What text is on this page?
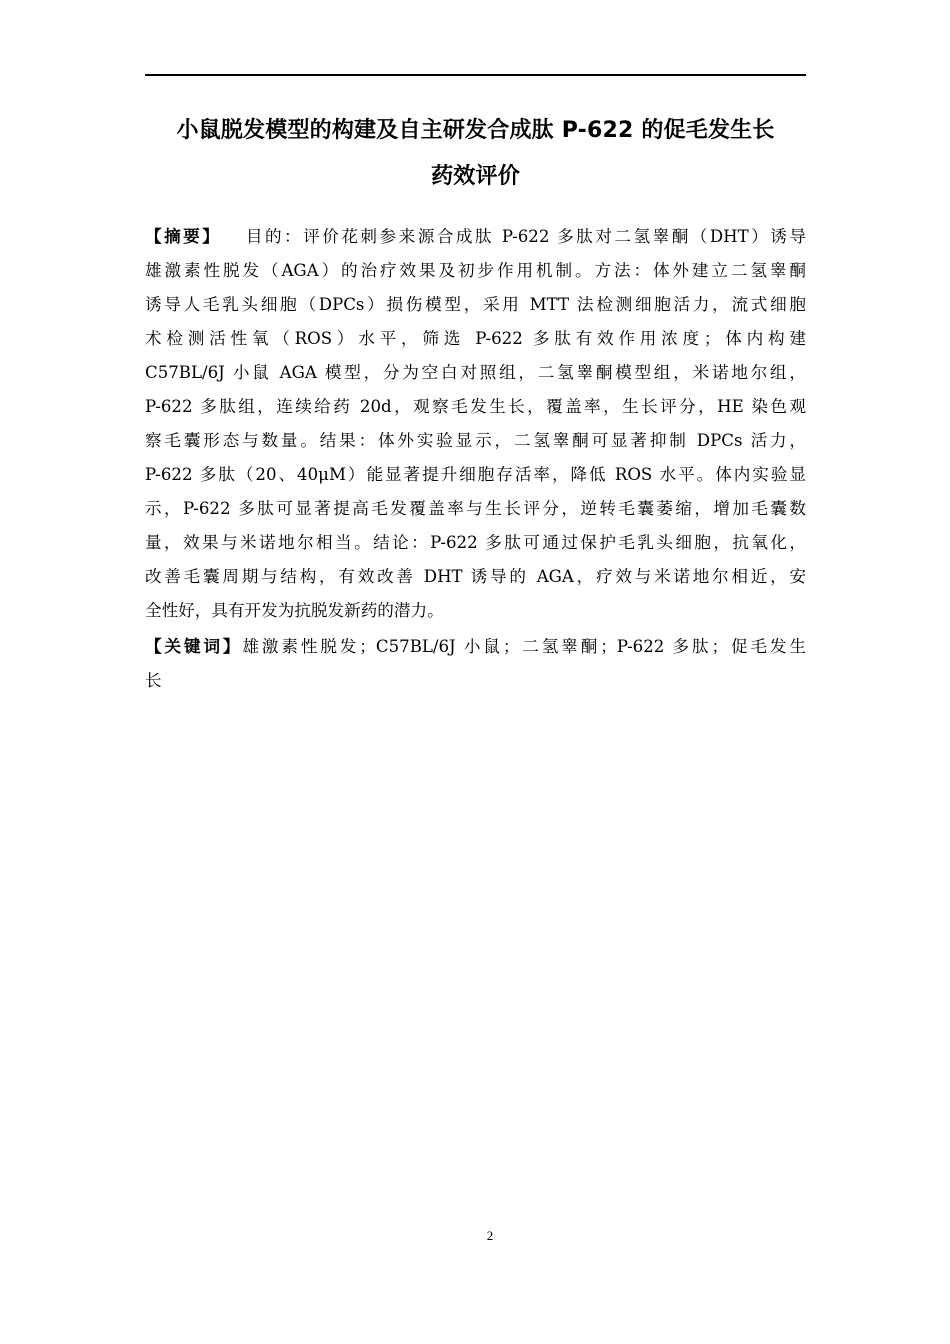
小鼠脱发模型的构建及自主研发合成肽 P-622 的促毛发生长
药效评价
【摘要】 目的：评价花刺参来源合成肽 P-622 多肽对二氢睾酮（DHT）诱导
雄激素性脱发（AGA）的治疗效果及初步作用机制。方法：体外建立二氢睾酮
诱导人毛乳头细胞（DPCs）损伤模型，采用 MTT 法检测细胞活力，流式细胞
术检测活性氧（ROS）水平，筛选 P-622 多肽有效作用浓度；体内构建
C57BL/6J 小鼠 AGA 模型，分为空白对照组，二氢睾酮模型组，米诺地尔组，
P-622 多肽组，连续给药 20d，观察毛发生长，覆盖率，生长评分，HE 染色观
察毛囊形态与数量。结果：体外实验显示，二氢睾酮可显著抑制 DPCs 活力，
P-622 多肽（20、40μM）能显著提升细胞存活率，降低 ROS 水平。体内实验显
示，P-622 多肽可显著提高毛发覆盖率与生长评分，逆转毛囊萎缩，增加毛囊数
量，效果与米诺地尔相当。结论：P-622 多肽可通过保护毛乳头细胞，抗氧化，
改善毛囊周期与结构，有效改善 DHT 诱导的 AGA，疗效与米诺地尔相近，安
全性好，具有开发为抗脱发新药的潜力。
【关键词】雄激素性脱发；C57BL/6J 小鼠；二氢睾酮；P-622 多肽；促毛发生
长
2
